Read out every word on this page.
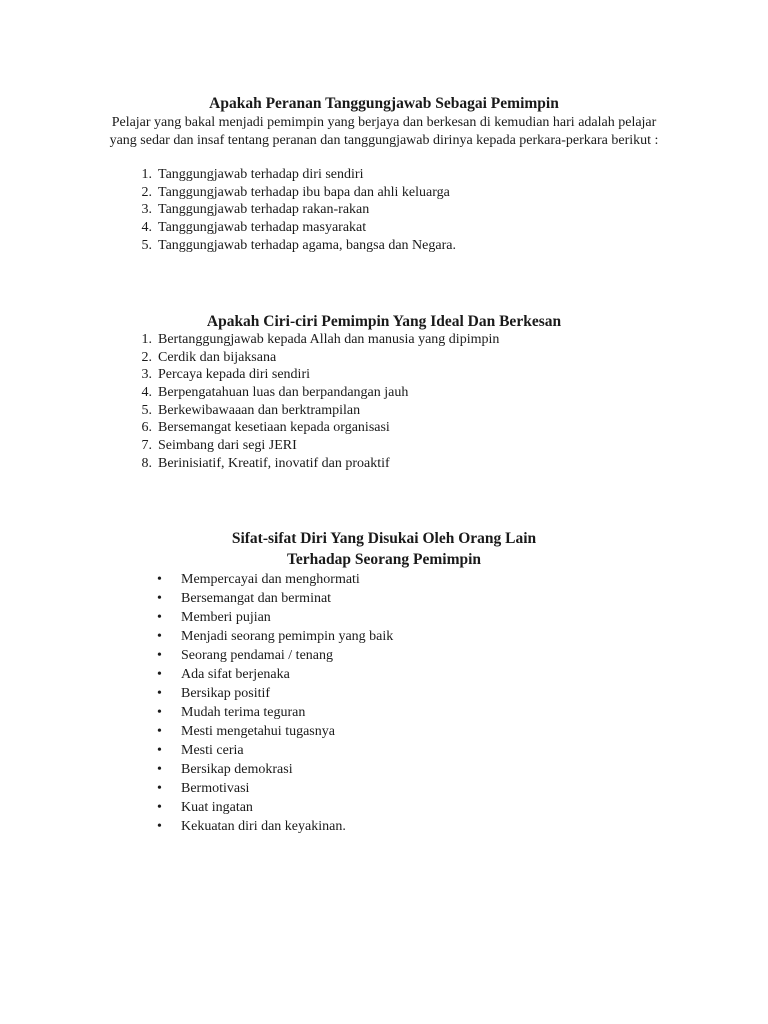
Apakah Peranan Tanggungjawab Sebagai Pemimpin

Pelajar yang bakal menjadi pemimpin yang berjaya dan berkesan di kemudian hari adalah pelajar yang sedar dan insaf tentang peranan dan tanggungjawab dirinya kepada perkara-perkara berikut :

1. Tanggungjawab terhadap diri sendiri
2. Tanggungjawab terhadap ibu bapa dan ahli keluarga
3. Tanggungjawab terhadap rakan-rakan
4. Tanggungjawab terhadap masyarakat
5. Tanggungjawab terhadap agama, bangsa dan Negara.
Apakah Ciri-ciri Pemimpin Yang Ideal Dan Berkesan
1. Bertanggungjawab kepada Allah dan manusia yang dipimpin
2. Cerdik dan bijaksana
3. Percaya kepada diri sendiri
4. Berpengatahuan luas dan berpandangan jauh
5. Berkewibawaaan dan berktrampilan
6. Bersemangat kesetiaan kepada organisasi
7. Seimbang dari segi JERI
8. Berinisiatif, Kreatif, inovatif dan proaktif
Sifat-sifat Diri Yang Disukai Oleh Orang Lain
Terhadap Seorang Pemimpin
• Mempercayai dan menghormati
• Bersemangat dan berminat
• Memberi pujian
• Menjadi seorang pemimpin yang baik
• Seorang pendamai / tenang
• Ada sifat berjenaka
• Bersikap positif
• Mudah terima teguran
• Mesti mengetahui tugasnya
• Mesti ceria
• Bersikap demokrasi
• Bermotivasi
• Kuat ingatan
• Kekuatan diri dan keyakinan.
